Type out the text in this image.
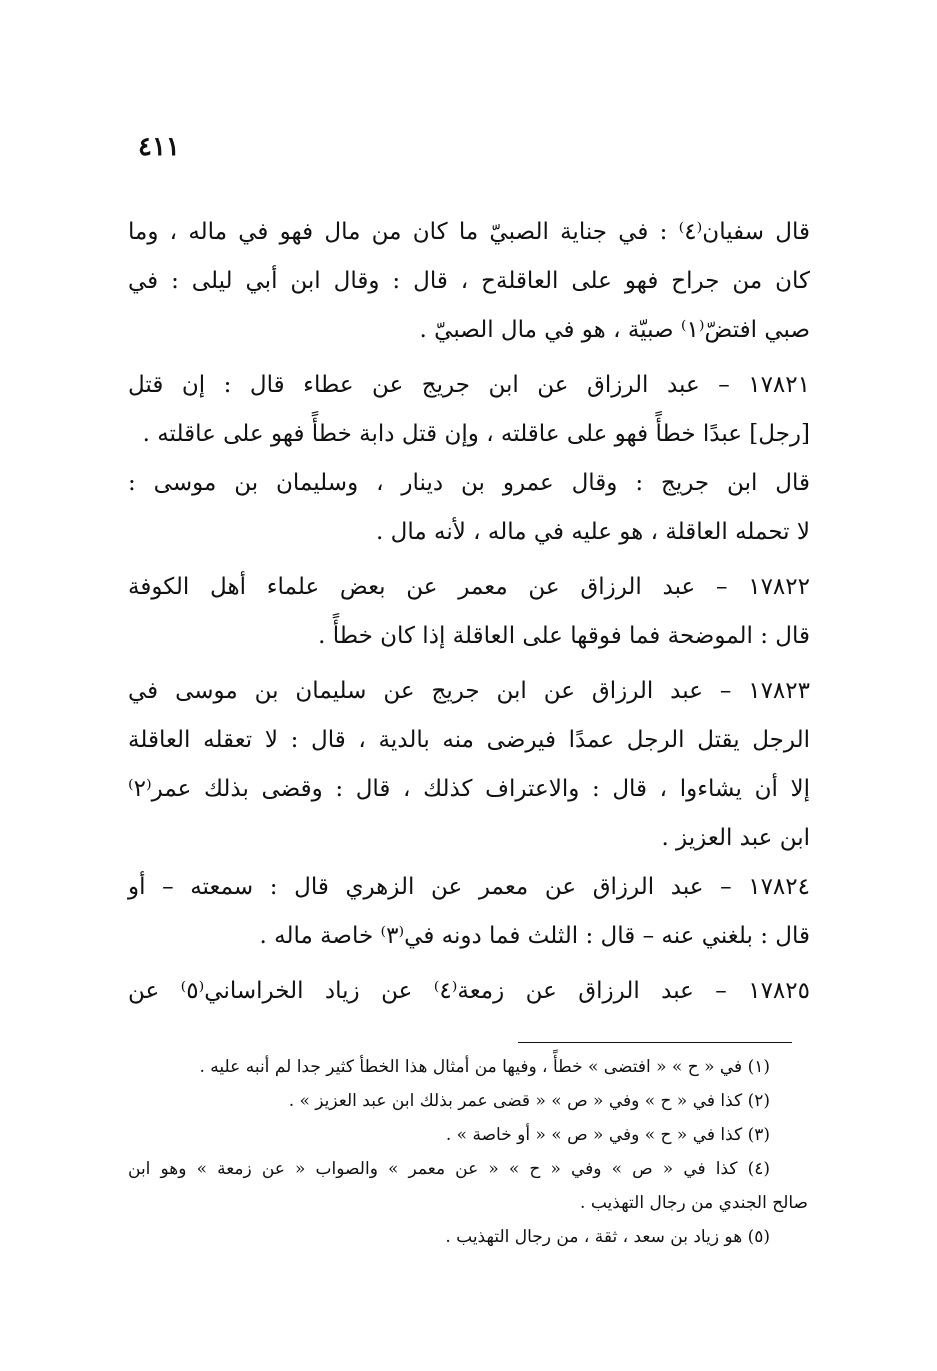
٤١١

قال سفيان⁽٤⁾ : في جناية الصبيّ ما كان من مال فهو في ماله ، وما
كان من جراح فهو على العاقلةح ، قال : وقال ابن أبي ليلى : في
صبي افتضّ⁽١⁾ صبيّة ، هو في مال الصبيّ .

١٧٨٢١ – عبد الرزاق عن ابن جريج عن عطاء قال : إن قتل
[رجل] عبدًا خطأً فهو على عاقلته ، وإن قتل دابة خطأً فهو على عاقلته .

قال ابن جريج : وقال عمرو بن دينار ، وسليمان بن موسى :
لا تحمله العاقلة ، هو عليه في ماله ، لأنه مال .

١٧٨٢٢ – عبد الرزاق عن معمر عن بعض علماء أهل الكوفة
قال : الموضحة فما فوقها على العاقلة إذا كان خطأً .

١٧٨٢٣ – عبد الرزاق عن ابن جريج عن سليمان بن موسى في
الرجل يقتل الرجل عمدًا فيرضى منه بالدية ، قال : لا تعقله العاقلة
إلا أن يشاءوا ، قال : والاعتراف كذلك ، قال : وقضى بذلك عمر⁽٢⁾
ابن عبد العزيز .

١٧٨٢٤ – عبد الرزاق عن معمر عن الزهري قال : سمعته – أو
قال : بلغني عنه – قال : الثلث فما دونه في⁽٣⁾ خاصة ماله .

١٧٨٢٥ – عبد الرزاق عن زمعة⁽٤⁾ عن زياد الخراساني⁽٥⁾ عن

(١) في « ح » « افتضى » خطأً ، وفيها من أمثال هذا الخطأ كثير جدا لم أنبه عليه .
(٢) كذا في « ح » وفي « ص » « قضى عمر بذلك ابن عبد العزيز » .
(٣) كذا في « ح » وفي « ص » « أو خاصة » .
(٤) كذا في « ص » وفي « ح » « عن معمر » والصواب « عن زمعة » وهو ابن
صالح الجندي من رجال التهذيب .
(٥) هو زياد بن سعد ، ثقة ، من رجال التهذيب .
